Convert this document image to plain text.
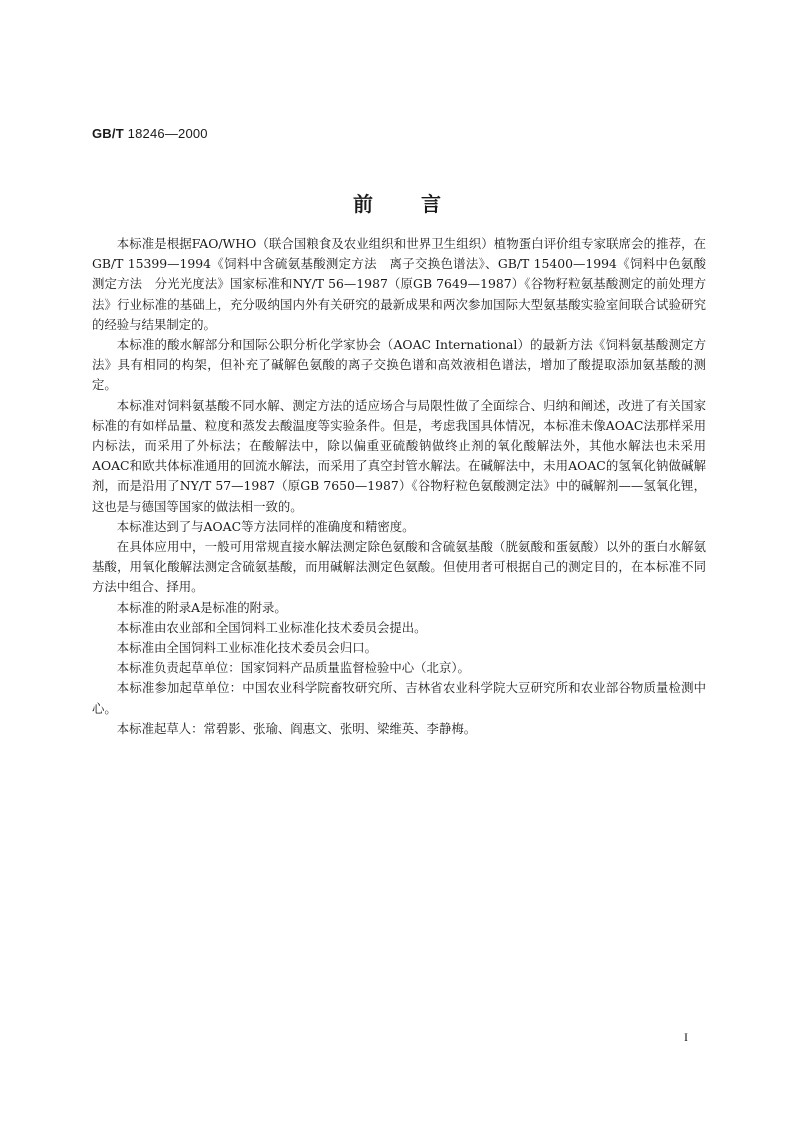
GB/T 18246—2000
前言

本标准是根据FAO/WHO（联合国粮食及农业组织和世界卫生组织）植物蛋白评价组专家联席会的推荐，在GB/T 15399—1994《饲料中含硫氨基酸测定方法　离子交换色谱法》、GB/T 15400—1994《饲料中色氨酸测定方法　分光光度法》国家标准和NY/T 56—1987（原GB 7649—1987）《谷物籽粒氨基酸测定的前处理方法》行业标准的基础上，充分吸纳国内外有关研究的最新成果和两次参加国际大型氨基酸实验室间联合试验研究的经验与结果制定的。

本标准的酸水解部分和国际公职分析化学家协会（AOAC International）的最新方法《饲料氨基酸测定方法》具有相同的构架，但补充了碱解色氨酸的离子交换色谱和高效液相色谱法，增加了酸提取添加氨基酸的测定。

本标准对饲料氨基酸不同水解、测定方法的适应场合与局限性做了全面综合、归纳和阐述，改进了有关国家标准的有如样品量、粒度和蒸发去酸温度等实验条件。但是，考虑我国具体情况，本标准未像AOAC法那样采用内标法，而采用了外标法；在酸解法中，除以偏重亚硫酸钠做终止剂的氧化酸解法外，其他水解法也未采用AOAC和欧共体标准通用的回流水解法，而采用了真空封管水解法。在碱解法中，未用AOAC的氢氧化钠做碱解剂，而是沿用了NY/T 57—1987（原GB 7650—1987）《谷物籽粒色氨酸测定法》中的碱解剂——氢氧化锂，这也是与德国等国家的做法相一致的。

本标准达到了与AOAC等方法同样的准确度和精密度。

在具体应用中，一般可用常规直接水解法测定除色氨酸和含硫氨基酸（胱氨酸和蛋氨酸）以外的蛋白水解氨基酸，用氧化酸解法测定含硫氨基酸，而用碱解法测定色氨酸。但使用者可根据自己的测定目的，在本标准不同方法中组合、择用。

本标准的附录A是标准的附录。

本标准由农业部和全国饲料工业标准化技术委员会提出。

本标准由全国饲料工业标准化技术委员会归口。

本标准负责起草单位：国家饲料产品质量监督检验中心（北京）。

本标准参加起草单位：中国农业科学院畜牧研究所、吉林省农业科学院大豆研究所和农业部谷物质量检测中心。

本标准起草人：常碧影、张瑜、阎惠文、张明、梁维英、李静梅。

I
